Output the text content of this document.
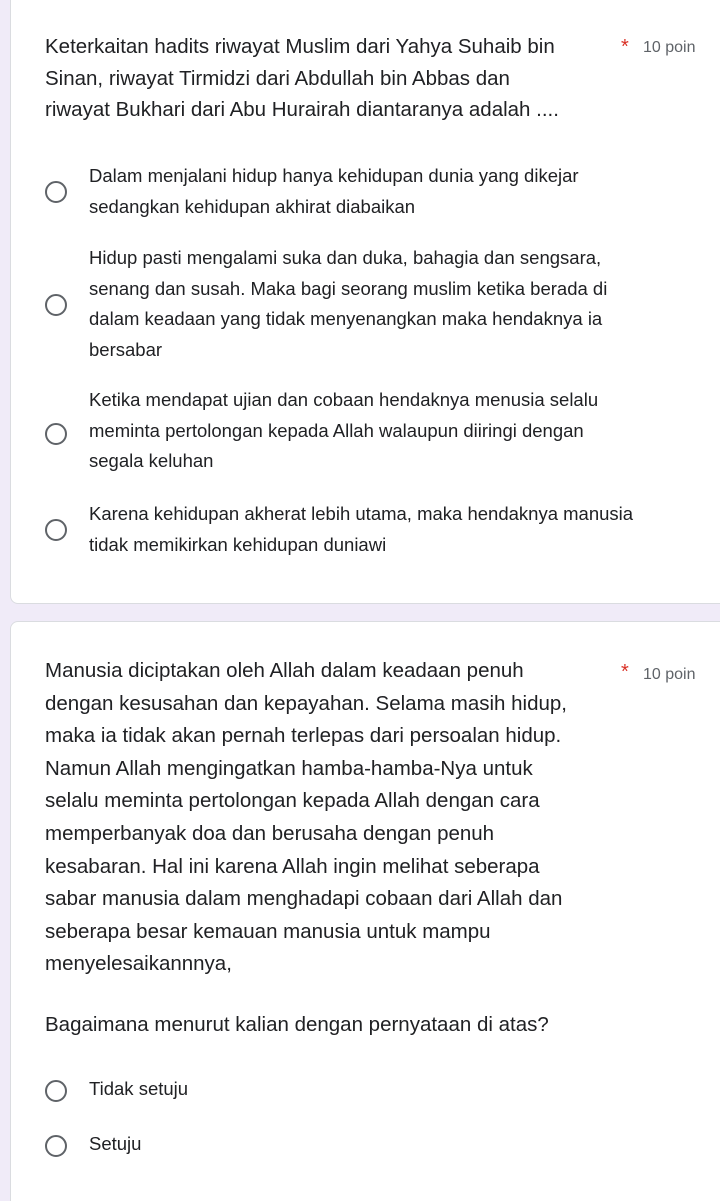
Keterkaitan hadits riwayat Muslim dari Yahya Suhaib bin
Sinan, riwayat Tirmidzi dari Abdullah bin Abbas dan
riwayat Bukhari dari Abu Hurairah diantaranya adalah ....
* 10 poin
Dalam menjalani hidup hanya kehidupan dunia yang dikejar
sedangkan kehidupan akhirat diabaikan
Hidup pasti mengalami suka dan duka, bahagia dan sengsara,
senang dan susah. Maka bagi seorang muslim ketika berada di
dalam keadaan yang tidak menyenangkan maka hendaknya ia
bersabar
Ketika mendapat ujian dan cobaan hendaknya menusia selalu
meminta pertolongan kepada Allah walaupun diiringi dengan
segala keluhan
Karena kehidupan akherat lebih utama, maka hendaknya manusia
tidak memikirkan kehidupan duniawi
Manusia diciptakan oleh Allah dalam keadaan penuh
dengan kesusahan dan kepayahan. Selama masih hidup,
maka ia tidak akan pernah terlepas dari persoalan hidup.
Namun Allah mengingatkan hamba-hamba-Nya untuk
selalu meminta pertolongan kepada Allah dengan cara
memperbanyak doa dan berusaha dengan penuh
kesabaran. Hal ini karena Allah ingin melihat seberapa
sabar manusia dalam menghadapi cobaan dari Allah dan
seberapa besar kemauan manusia untuk mampu
menyelesaikannnya,
* 10 poin
Bagaimana menurut kalian dengan pernyataan di atas?
Tidak setuju
Setuju
